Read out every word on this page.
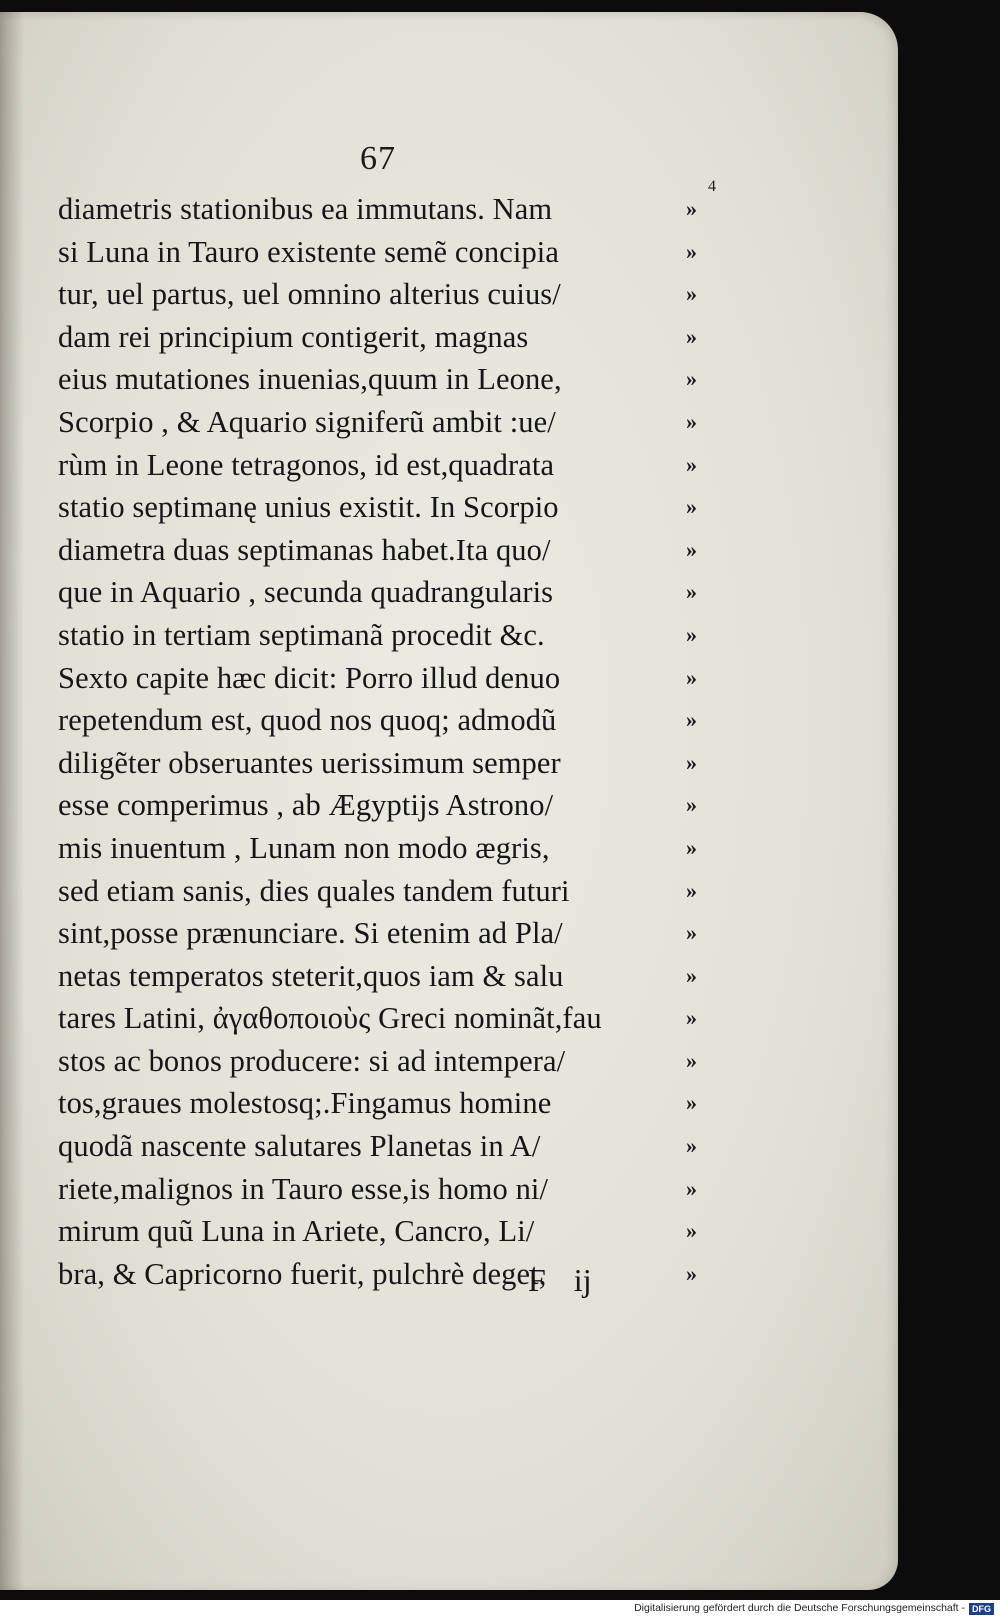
67
4
diametris stationibus ea immutans. Nam
si Luna in Tauro existente semẽ concipia
tur, uel partus, uel omnino alterius cuius/
dam rei principium contigerit, magnas
eius mutationes inuenias,quum in Leone,
Scorpio , & Aquario signiferũ ambit :ue/
rùm in Leone tetragonos, id est,quadrata
statio septimanę unius existit. In Scorpio
diametra duas septimanas habet.Ita quo/
que in Aquario , secunda quadrangularis
statio in tertiam septimanã procedit &c.
Sexto capite hæc dicit: Porro illud denuo
repetendum est, quod nos quoq; admodũ
diligẽter obseruantes uerissimum semper
esse comperimus , ab Ægyptijs Astrono/
mis inuentum , Lunam non modo ægris,
sed etiam sanis, dies quales tandem futuri
sint,posse prænunciare. Si etenim ad Pla/
netas temperatos steterit,quos iam & salu
tares Latini, ἀγαθοποιοὺς Greci nominãt,fau
stos ac bonos producere: si ad intempera/
tos,graues molestosq;.Fingamus homine
quodã nascente salutares Planetas in A/
riete,malignos in Tauro esse,is homo ni/
mirum quũ Luna in Ariete, Cancro, Li/
bra, & Capricorno fuerit, pulchrè deget,
»
»
»
»
»
»
»
»
»
»
»
»
»
»
»
»
»
»
»
»
»
»
»
»
»
»
F ij
Digitalisierung gefördert durch die Deutsche Forschungsgemeinschaft - DFG
